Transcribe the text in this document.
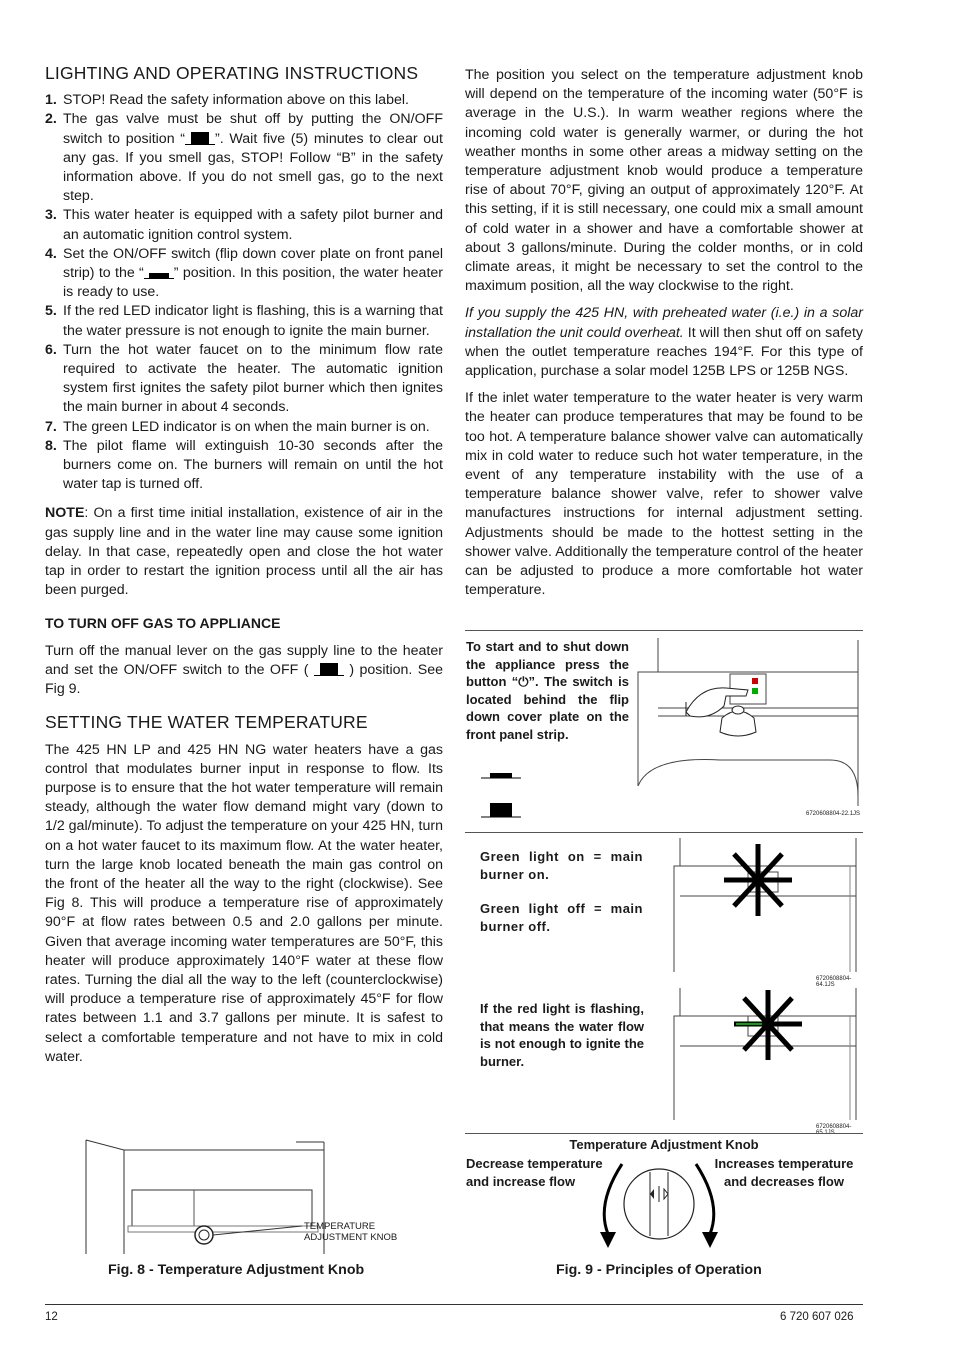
LIGHTING AND OPERATING INSTRUCTIONS
1. STOP! Read the safety information above on this label.
2. The gas valve must be shut off by putting the ON/OFF switch to position “ ”. Wait five (5) minutes to clear out any gas. If you smell gas, STOP! Follow “B” in the safety information above. If you do not smell gas, go to the next step.
3. This water heater is equipped with a safety pilot burner and an automatic ignition control system.
4. Set the ON/OFF switch (flip down cover plate on front panel strip) to the “ ” position. In this position, the water heater is ready to use.
5. If the red LED indicator light is flashing, this is a warning that the water pressure is not enough to ignite the main burner.
6. Turn the hot water faucet on to the minimum flow rate required to activate the heater. The automatic ignition system first ignites the safety pilot burner which then ignites the main burner in about 4 seconds.
7. The green LED indicator is on when the main burner is on.
8. The pilot flame will extinguish 10-30 seconds after the burners come on. The burners will remain on until the hot water tap is turned off.

NOTE: On a first time initial installation, existence of air in the gas supply line and in the water line may cause some ignition delay. In that case, repeatedly open and close the hot water tap in order to restart the ignition process until all the air has been purged.

TO TURN OFF GAS TO APPLIANCE

Turn off the manual lever on the gas supply line to the heater and set the ON/OFF switch to the OFF (  ) position. See Fig 9.

SETTING THE WATER TEMPERATURE

The 425 HN LP and 425 HN NG water heaters have a gas control that modulates burner input in response to flow. Its purpose is to ensure that the hot water temperature will remain steady, although the water flow demand might vary (down to 1/2 gal/minute). To adjust the temperature on your 425 HN, turn on a hot water faucet to its maximum flow. At the water heater, turn the large knob located beneath the main gas control on the front of the heater all the way to the right (clockwise). See Fig 8. This will produce a temperature rise of approximately 90°F at flow rates between 0.5 and 2.0 gallons per minute. Given that average incoming water temperatures are 50°F, this heater will produce approximately 140°F water at these flow rates. Turning the dial all the way to the left (counterclockwise) will produce a temperature rise of approximately 45°F for flow rates between 1.1 and 3.7 gallons per minute. It is safest to select a comfortable temperature and not have to mix in cold water.

The position you select on the temperature adjustment knob will depend on the temperature of the incoming water (50°F is average in the U.S.). In warm weather regions where the incoming cold water is generally warmer, or during the hot weather months in some other areas a midway setting on the temperature adjustment knob would produce a temperature rise of about 70°F, giving an output of approximately 120°F. At this setting, if it is still necessary, one could mix a small amount of cold water in a shower and have a comfortable shower at about 3 gallons/minute. During the colder months, or in cold climate areas, it might be necessary to set the control to the maximum position, all the way clockwise to the right.

If you supply the 425 HN, with preheated water (i.e.) in a solar installation the unit could overheat. It will then shut off on safety when the outlet temperature reaches 194°F. For this type of application, purchase a solar model 125B LPS or 125B NGS.

If the inlet water temperature to the water heater is very warm the heater can produce temperatures that may be found to be too hot. A temperature balance shower valve can automatically mix in cold water to reduce such hot water temperature, in the event of any temperature instability with the use of a temperature balance shower valve, refer to shower valve manufactures instructions for internal adjustment setting. Adjustments should be made to the hottest setting in the shower valve. Additionally the temperature control of the heater can be adjusted to produce a more comfortable hot water temperature.

TEMPERATURE
ADJUSTMENT KNOB
Fig. 8 - Temperature Adjustment Knob
To start and to shut down the appliance press the button “⏻”. The switch is located behind the flip down cover plate on the front panel strip.
6720608804-22.1JS
Green light on = main burner on.
Green light off = main burner off.
6720608804-64.1JS
If the red light is flashing, that means the water flow is not enough to ignite the burner.
6720608804-
Temperature Adjustment Knob
Decrease temperature and increase flow
Increases temperature and decreases flow
Fig. 9 - Principles of Operation
12	6 720 607 026
